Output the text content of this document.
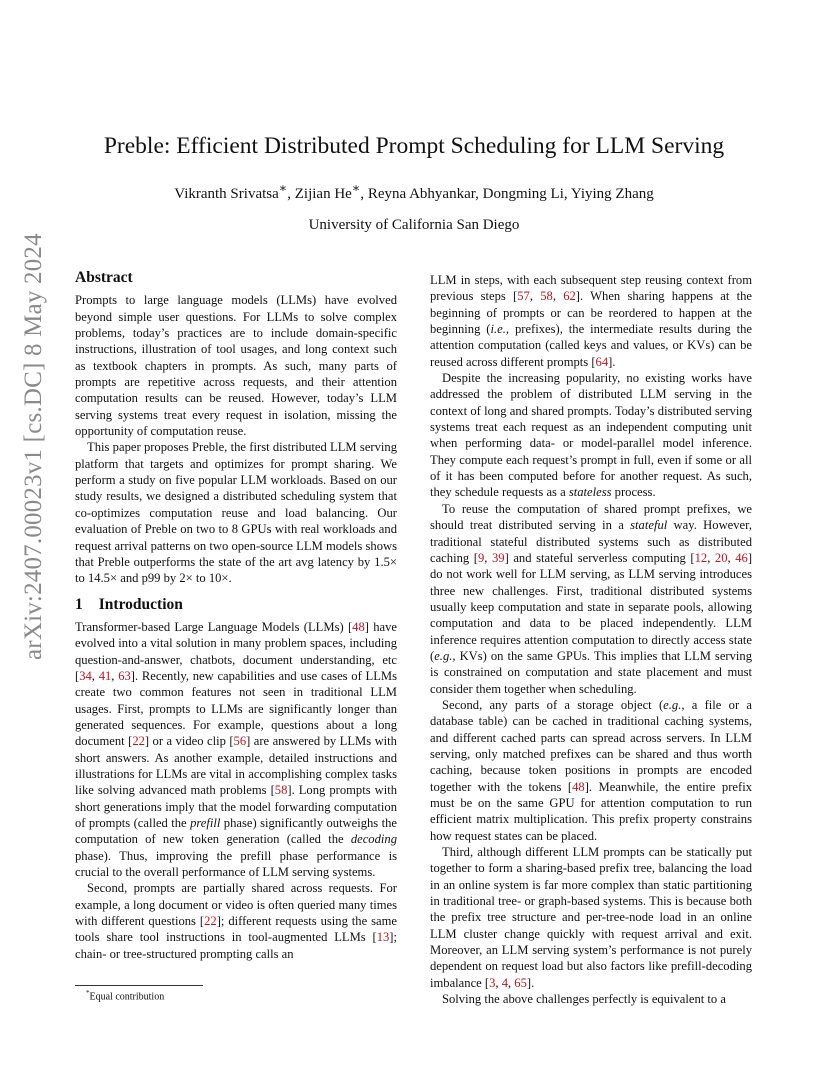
arXiv:2407.00023v1 [cs.DC] 8 May 2024
Preble: Efficient Distributed Prompt Scheduling for LLM Serving
Vikranth Srivatsa∗, Zijian He∗, Reyna Abhyankar, Dongming Li, Yiying Zhang
University of California San Diego
Abstract

Prompts to large language models (LLMs) have evolved beyond simple user questions. For LLMs to solve complex problems, today’s practices are to include domain-specific instructions, illustration of tool usages, and long context such as textbook chapters in prompts. As such, many parts of prompts are repetitive across requests, and their attention computation results can be reused. However, today’s LLM serving systems treat every request in isolation, missing the opportunity of computation reuse.

This paper proposes Preble, the first distributed LLM serving platform that targets and optimizes for prompt sharing. We perform a study on five popular LLM workloads. Based on our study results, we designed a distributed scheduling system that co-optimizes computation reuse and load balancing. Our evaluation of Preble on two to 8 GPUs with real workloads and request arrival patterns on two open-source LLM models shows that Preble outperforms the state of the art avg latency by 1.5× to 14.5× and p99 by 2× to 10×.

1 Introduction

Transformer-based Large Language Models (LLMs) [48] have evolved into a vital solution in many problem spaces, including question-and-answer, chatbots, document understanding, etc [34, 41, 63]. Recently, new capabilities and use cases of LLMs create two common features not seen in traditional LLM usages. First, prompts to LLMs are significantly longer than generated sequences. For example, questions about a long document [22] or a video clip [56] are answered by LLMs with short answers. As another example, detailed instructions and illustrations for LLMs are vital in accomplishing complex tasks like solving advanced math problems [58]. Long prompts with short generations imply that the model forwarding computation of prompts (called the prefill phase) significantly outweighs the computation of new token generation (called the decoding phase). Thus, improving the prefill phase performance is crucial to the overall performance of LLM serving systems.

Second, prompts are partially shared across requests. For example, a long document or video is often queried many times with different questions [22]; different requests using the same tools share tool instructions in tool-augmented LLMs [13]; chain- or tree-structured prompting calls an

LLM in steps, with each subsequent step reusing context from previous steps [57, 58, 62]. When sharing happens at the beginning of prompts or can be reordered to happen at the beginning (i.e., prefixes), the intermediate results during the attention computation (called keys and values, or KVs) can be reused across different prompts [64].

Despite the increasing popularity, no existing works have addressed the problem of distributed LLM serving in the context of long and shared prompts. Today’s distributed serving systems treat each request as an independent computing unit when performing data- or model-parallel model inference. They compute each request’s prompt in full, even if some or all of it has been computed before for another request. As such, they schedule requests as a stateless process.

To reuse the computation of shared prompt prefixes, we should treat distributed serving in a stateful way. However, traditional stateful distributed systems such as distributed caching [9, 39] and stateful serverless computing [12, 20, 46] do not work well for LLM serving, as LLM serving introduces three new challenges. First, traditional distributed systems usually keep computation and state in separate pools, allowing computation and data to be placed independently. LLM inference requires attention computation to directly access state (e.g., KVs) on the same GPUs. This implies that LLM serving is constrained on computation and state placement and must consider them together when scheduling.

Second, any parts of a storage object (e.g., a file or a database table) can be cached in traditional caching systems, and different cached parts can spread across servers. In LLM serving, only matched prefixes can be shared and thus worth caching, because token positions in prompts are encoded together with the tokens [48]. Meanwhile, the entire prefix must be on the same GPU for attention computation to run efficient matrix multiplication. This prefix property constrains how request states can be placed.

Third, although different LLM prompts can be statically put together to form a sharing-based prefix tree, balancing the load in an online system is far more complex than static partitioning in traditional tree- or graph-based systems. This is because both the prefix tree structure and per-tree-node load in an online LLM cluster change quickly with request arrival and exit. Moreover, an LLM serving system’s performance is not purely dependent on request load but also factors like prefill-decoding imbalance [3, 4, 65].

Solving the above challenges perfectly is equivalent to a

*Equal contribution
